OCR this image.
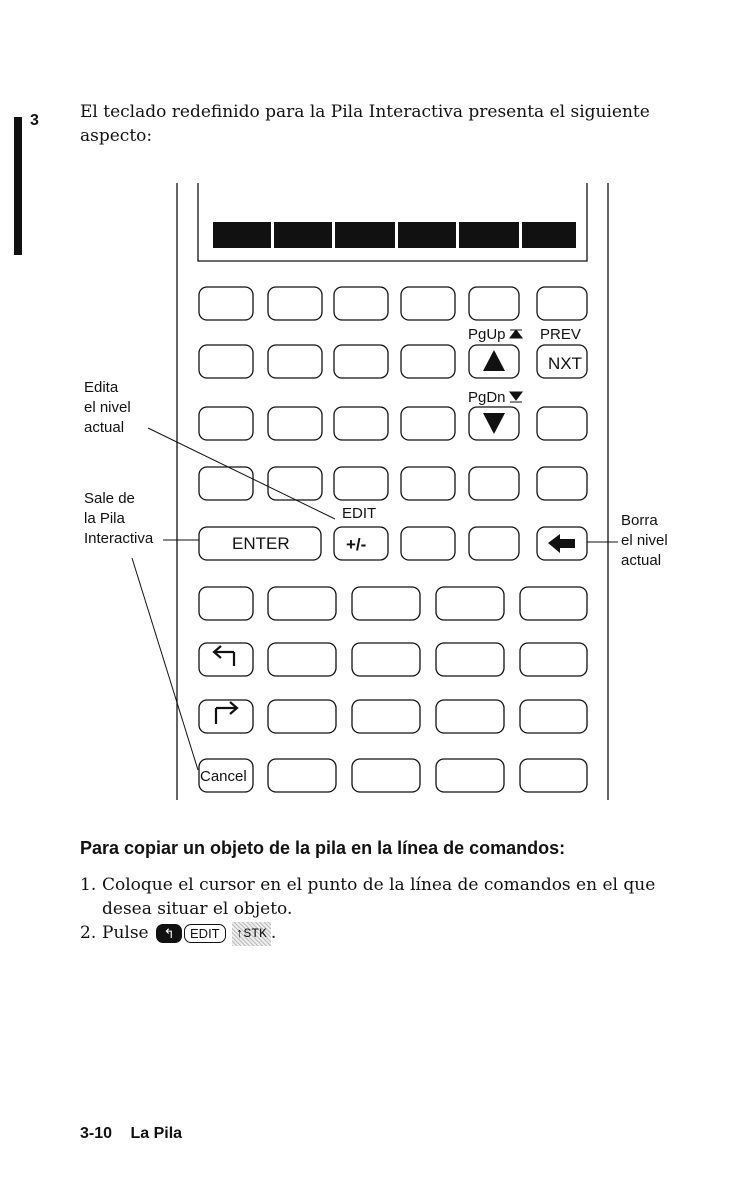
3 El teclado redefinido para la Pila Interactiva presenta el siguiente aspecto:

PgUp PREV
NXT
PgDn
EDIT
ENTER	+/-
Cancel
Edita
el nivel
actual
Sale de
la Pila
Interactiva
Borra
el nivel
actual
Para copiar un objeto de la pila en la línea de comandos:
1. Coloque el cursor en el punto de la línea de comandos en el que desea situar el objeto.
2. Pulse ↰ EDIT ↑STK .
3-10 La Pila
